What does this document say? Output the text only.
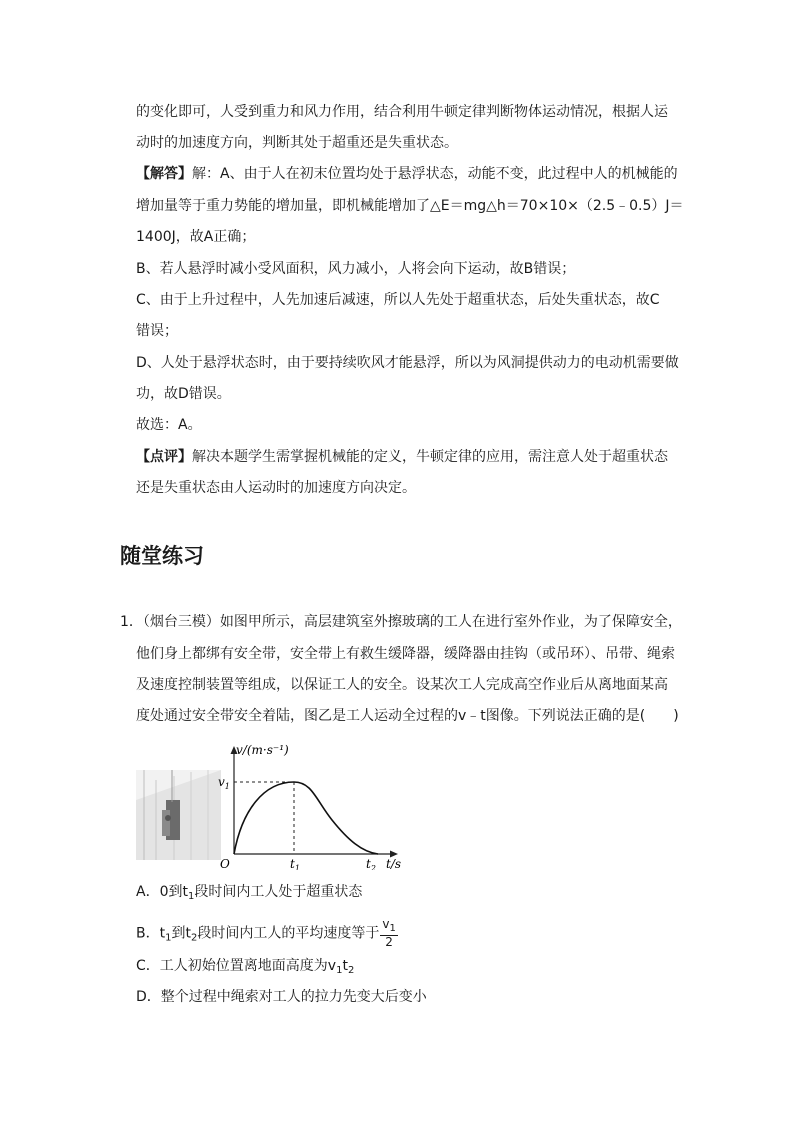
的变化即可，人受到重力和风力作用，结合利用牛顿定律判断物体运动情况，根据人运
动时的加速度方向，判断其处于超重还是失重状态。
【解答】解：A、由于人在初末位置均处于悬浮状态，动能不变，此过程中人的机械能的
增加量等于重力势能的增加量，即机械能增加了△E＝mg△h＝70×10×（2.5﹣0.5）J＝
1400J，故A正确；
B、若人悬浮时减小受风面积，风力减小，人将会向下运动，故B错误；
C、由于上升过程中，人先加速后减速，所以人先处于超重状态，后处失重状态，故C
错误；
D、人处于悬浮状态时，由于要持续吹风才能悬浮，所以为风洞提供动力的电动机需要做
功，故D错误。
故选：A。
【点评】解决本题学生需掌握机械能的定义，牛顿定律的应用，需注意人处于超重状态
还是失重状态由人运动时的加速度方向决定。
随堂练习
1．（烟台三模）如图甲所示，高层建筑室外擦玻璃的工人在进行室外作业，为了保障安全，
他们身上都绑有安全带，安全带上有救生缓降器，缓降器由挂钩（或吊环）、吊带、绳索
及速度控制装置等组成，以保证工人的安全。设某次工人完成高空作业后从离地面某高
度处通过安全带安全着陆，图乙是工人运动全过程的v﹣t图像。下列说法正确的是(　　)
v/(m·s⁻¹)
$v_1$
O	$t_1$	$t_2$ t/s
A．0到$t_1$段时间内工人处于超重状态
B．$t_1$到$t_2$段时间内工人的平均速度等于 $\frac{v_1}{2}$
C．工人初始位置离地面高度为$v_1t_2$
D．整个过程中绳索对工人的拉力先变大后变小
